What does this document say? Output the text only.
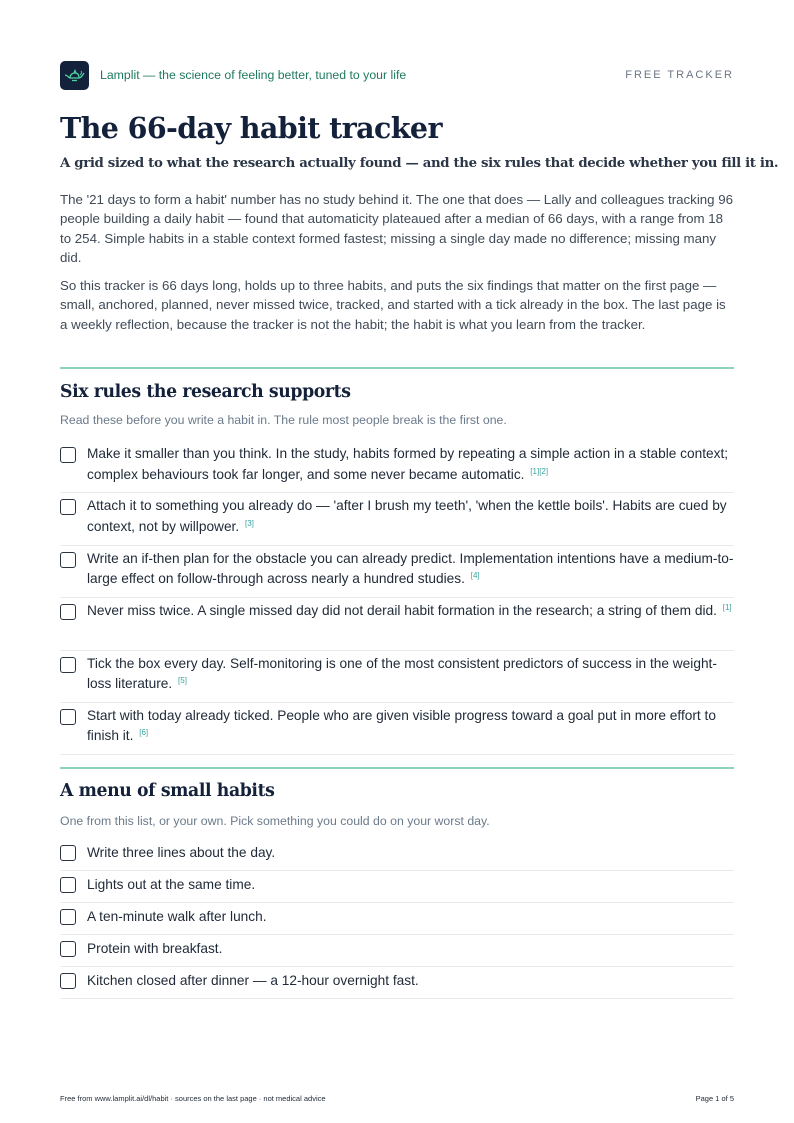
Lamplit — the science of feeling better, tuned to your life	FREE TRACKER
The 66-day habit tracker
A grid sized to what the research actually found — and the six rules that decide whether you fill it in.

The '21 days to form a habit' number has no study behind it. The one that does — Lally and colleagues tracking 96 people building a daily habit — found that automaticity plateaued after a median of 66 days, with a range from 18 to 254. Simple habits in a stable context formed fastest; missing a single day made no difference; missing many did.

So this tracker is 66 days long, holds up to three habits, and puts the six findings that matter on the first page — small, anchored, planned, never missed twice, tracked, and started with a tick already in the box. The last page is a weekly reflection, because the tracker is not the habit; the habit is what you learn from the tracker.

Six rules the research supports
Read these before you write a habit in. The rule most people break is the first one.
Make it smaller than you think. In the study, habits formed by repeating a simple action in a stable context; complex behaviours took far longer, and some never became automatic. [1][2]
Attach it to something you already do — 'after I brush my teeth', 'when the kettle boils'. Habits are cued by context, not by willpower. [3]
Write an if-then plan for the obstacle you can already predict. Implementation intentions have a medium-to-large effect on follow-through across nearly a hundred studies. [4]
Never miss twice. A single missed day did not derail habit formation in the research; a string of them did. [1]
Tick the box every day. Self-monitoring is one of the most consistent predictors of success in the weight-loss literature. [5]
Start with today already ticked. People who are given visible progress toward a goal put in more effort to finish it. [6]
A menu of small habits
One from this list, or your own. Pick something you could do on your worst day.
Write three lines about the day.
Lights out at the same time.
A ten-minute walk after lunch.
Protein with breakfast.
Kitchen closed after dinner — a 12-hour overnight fast.
Free from www.lamplit.ai/dl/habit · sources on the last page · not medical advice	Page 1 of 5
